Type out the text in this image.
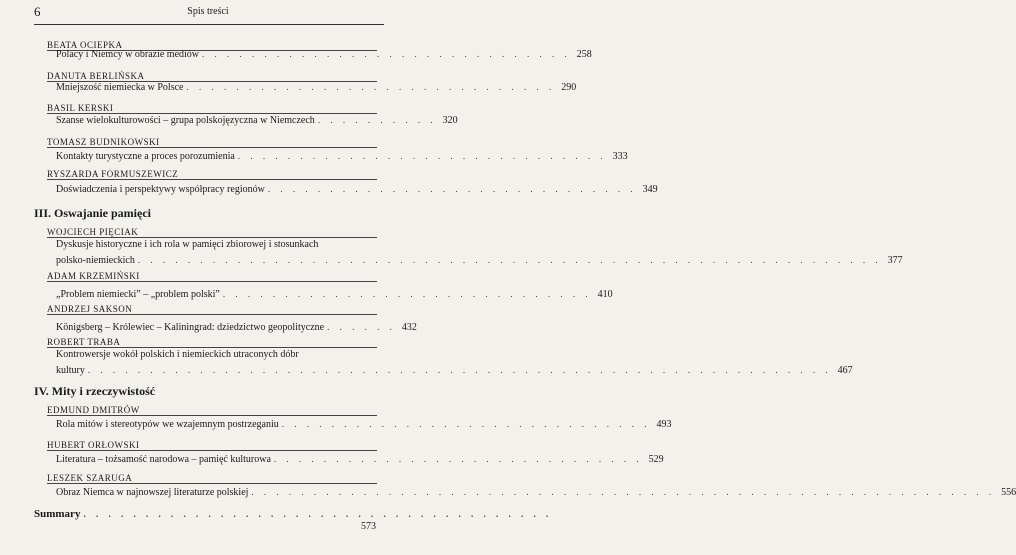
6	Spis treści
BEATA OCIEPKA
Polacy i Niemcy w obrazie mediów . . . . . . . . . . . . . . . . . . . . . . . . . . . . . . 258
DANUTA BERLIŃSKA
Mniejszość niemiecka w Polsce . . . . . . . . . . . . . . . . . . . . . . . . . . . . . . 290
BASIL KERSKI
Szanse wielokulturowości – grupa polskojęzyczna w Niemczech . . . . . . . . . . 320
TOMASZ BUDNIKOWSKI
Kontakty turystyczne a proces porozumienia . . . . . . . . . . . . . . . . . . . . . . . . . . . . . . 333
RYSZARDA FORMUSZEWICZ
Doświadczenia i perspektywy współpracy regionów . . . . . . . . . . . . . . . . . . . . . . . . . . . . . . 349
III. Oswajanie pamięci
WOJCIECH PIĘCIAK
Dyskusje historyczne i ich rola w pamięci zbiorowej i stosunkach
polsko-niemieckich . . . . . . . . . . . . . . . . . . . . . . . . . . . . . . . . . . . . . . . . . . . . . . . . . . . . . . . . . . . . 377
ADAM KRZEMIŃSKI
„Problem niemiecki” – „problem polski” . . . . . . . . . . . . . . . . . . . . . . . . . . . . . . 410
ANDRZEJ SAKSON
Königsberg – Królewiec – Kaliningrad: dziedzictwo geopolityczne . . . . . . 432
ROBERT TRABA
Kontrowersje wokół polskich i niemieckich utraconych dóbr
kultury . . . . . . . . . . . . . . . . . . . . . . . . . . . . . . . . . . . . . . . . . . . . . . . . . . . . . . . . . . . . 467
IV. Mity i rzeczywistość
EDMUND DMITRÓW
Rola mitów i stereotypów we wzajemnym postrzeganiu . . . . . . . . . . . . . . . . . . . . . . . . . . . . . . 493
HUBERT ORŁOWSKI
Literatura – tożsamość narodowa – pamięć kulturowa . . . . . . . . . . . . . . . . . . . . . . . . . . . . . . 529
LESZEK SZARUGA
Obraz Niemca w najnowszej literaturze polskiej . . . . . . . . . . . . . . . . . . . . . . . . . . . . . . . . . . . . . . . . . . . . . . . . . . . . . . . . . . . . 556
Summary . . . . . . . . . . . . . . . . . . . . . . . . . . . . . . . . . . . . . .
573
